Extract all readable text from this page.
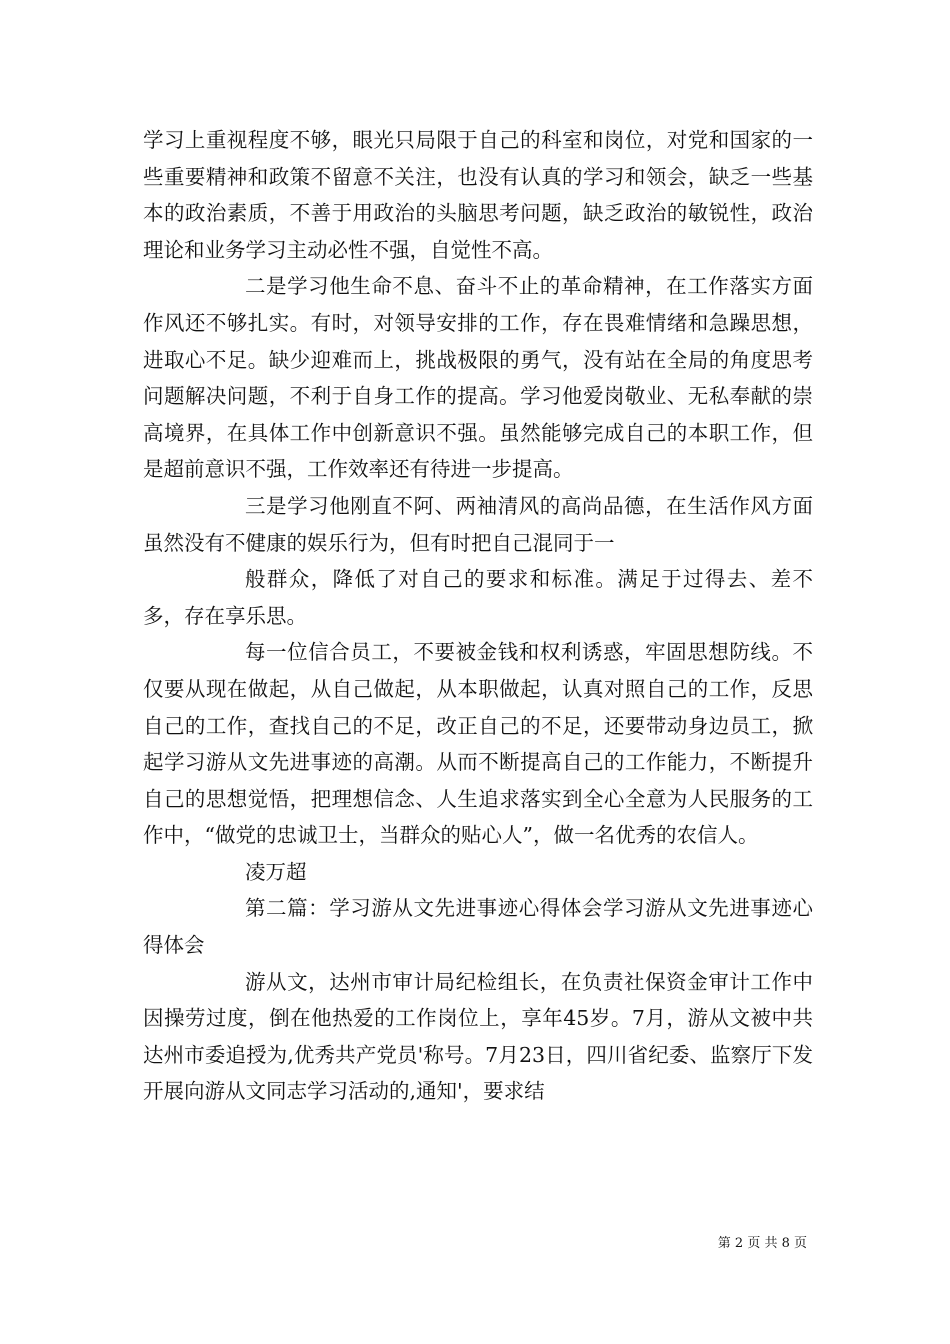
学习上重视程度不够，眼光只局限于自己的科室和岗位，对党和国家的一些重要精神和政策不留意不关注，也没有认真的学习和领会，缺乏一些基本的政治素质，不善于用政治的头脑思考问题，缺乏政治的敏锐性，政治理论和业务学习主动必性不强，自觉性不高。

二是学习他生命不息、奋斗不止的革命精神，在工作落实方面作风还不够扎实。有时，对领导安排的工作，存在畏难情绪和急躁思想，进取心不足。缺少迎难而上，挑战极限的勇气，没有站在全局的角度思考问题解决问题，不利于自身工作的提高。学习他爱岗敬业、无私奉献的崇高境界，在具体工作中创新意识不强。虽然能够完成自己的本职工作，但是超前意识不强，工作效率还有待进一步提高。

三是学习他刚直不阿、两袖清风的高尚品德，在生活作风方面虽然没有不健康的娱乐行为，但有时把自己混同于一

般群众，降低了对自己的要求和标准。满足于过得去、差不多，存在享乐思。

每一位信合员工，不要被金钱和权利诱惑，牢固思想防线。不仅要从现在做起，从自己做起，从本职做起，认真对照自己的工作，反思自己的工作，查找自己的不足，改正自己的不足，还要带动身边员工，掀起学习游从文先进事迹的高潮。从而不断提高自己的工作能力，不断提升自己的思想觉悟，把理想信念、人生追求落实到全心全意为人民服务的工作中，“做党的忠诚卫士，当群众的贴心人”，做一名优秀的农信人。

凌万超

第二篇：学习游从文先进事迹心得体会学习游从文先进事迹心得体会

游从文，达州市审计局纪检组长，在负责社保资金审计工作中因操劳过度，倒在他热爱的工作岗位上，享年45岁。7月，游从文被中共达州市委追授为,优秀共产党员'称号。7月23日，四川省纪委、监察厅下发开展向游从文同志学习活动的,通知'，要求结

第 2 页 共 8 页
